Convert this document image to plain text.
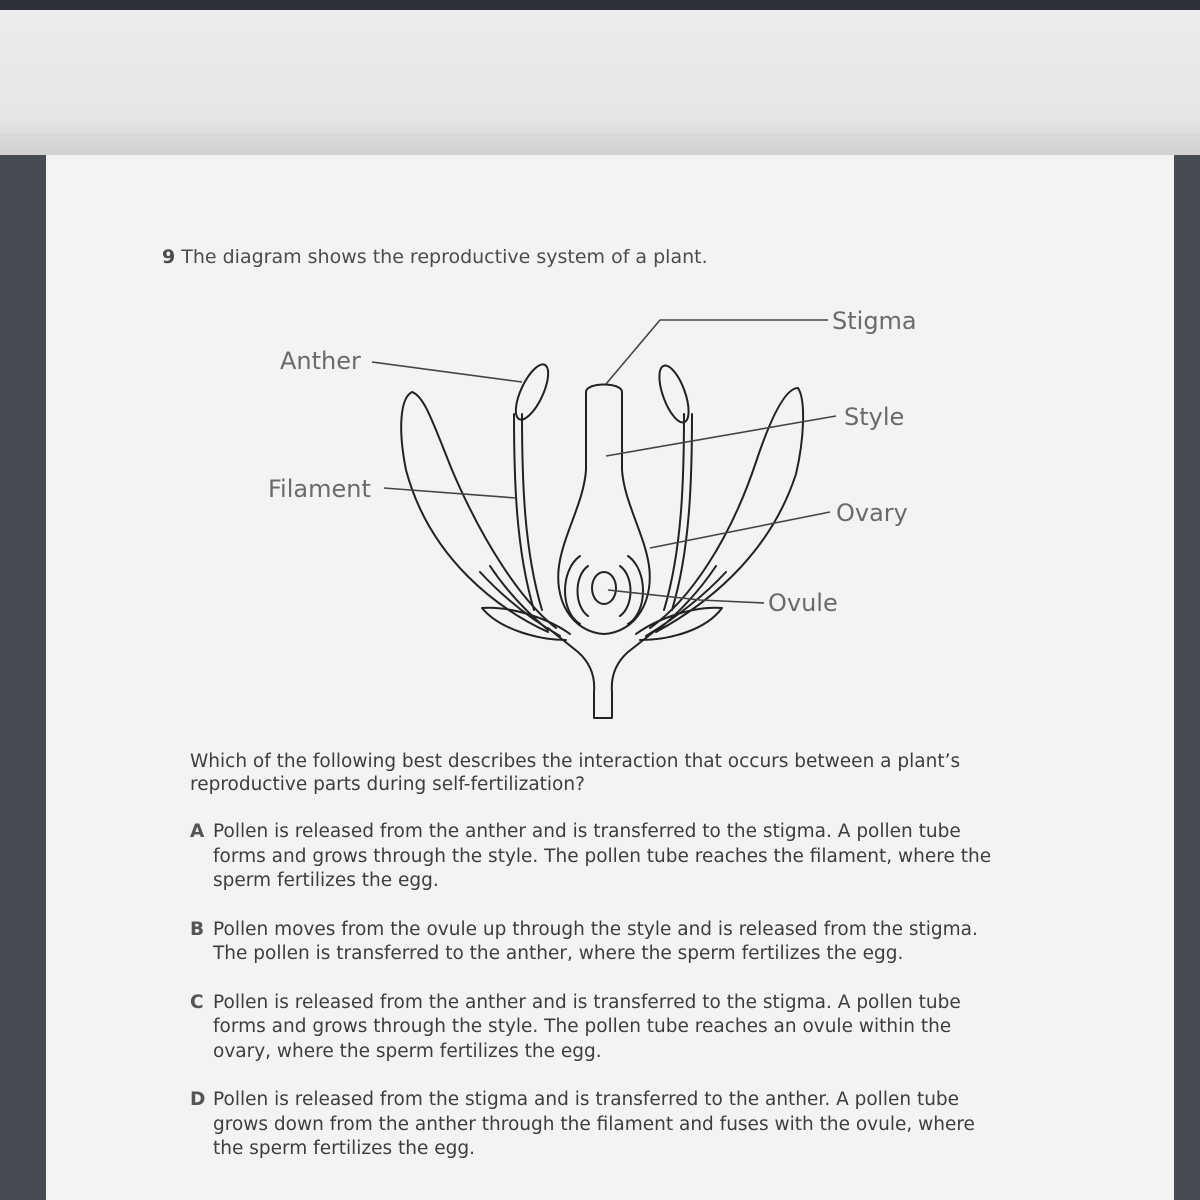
9 The diagram shows the reproductive system of a plant.
Stigma
Anther
Style
Filament
Ovary
Ovule
Which of the following best describes the interaction that occurs between a plant’s
reproductive parts during self-fertilization?
A Pollen is released from the anther and is transferred to the stigma. A pollen tube
forms and grows through the style. The pollen tube reaches the filament, where the
sperm fertilizes the egg.
B Pollen moves from the ovule up through the style and is released from the stigma.
The pollen is transferred to the anther, where the sperm fertilizes the egg.
C Pollen is released from the anther and is transferred to the stigma. A pollen tube
forms and grows through the style. The pollen tube reaches an ovule within the
ovary, where the sperm fertilizes the egg.
D Pollen is released from the stigma and is transferred to the anther. A pollen tube
grows down from the anther through the filament and fuses with the ovule, where
the sperm fertilizes the egg.
